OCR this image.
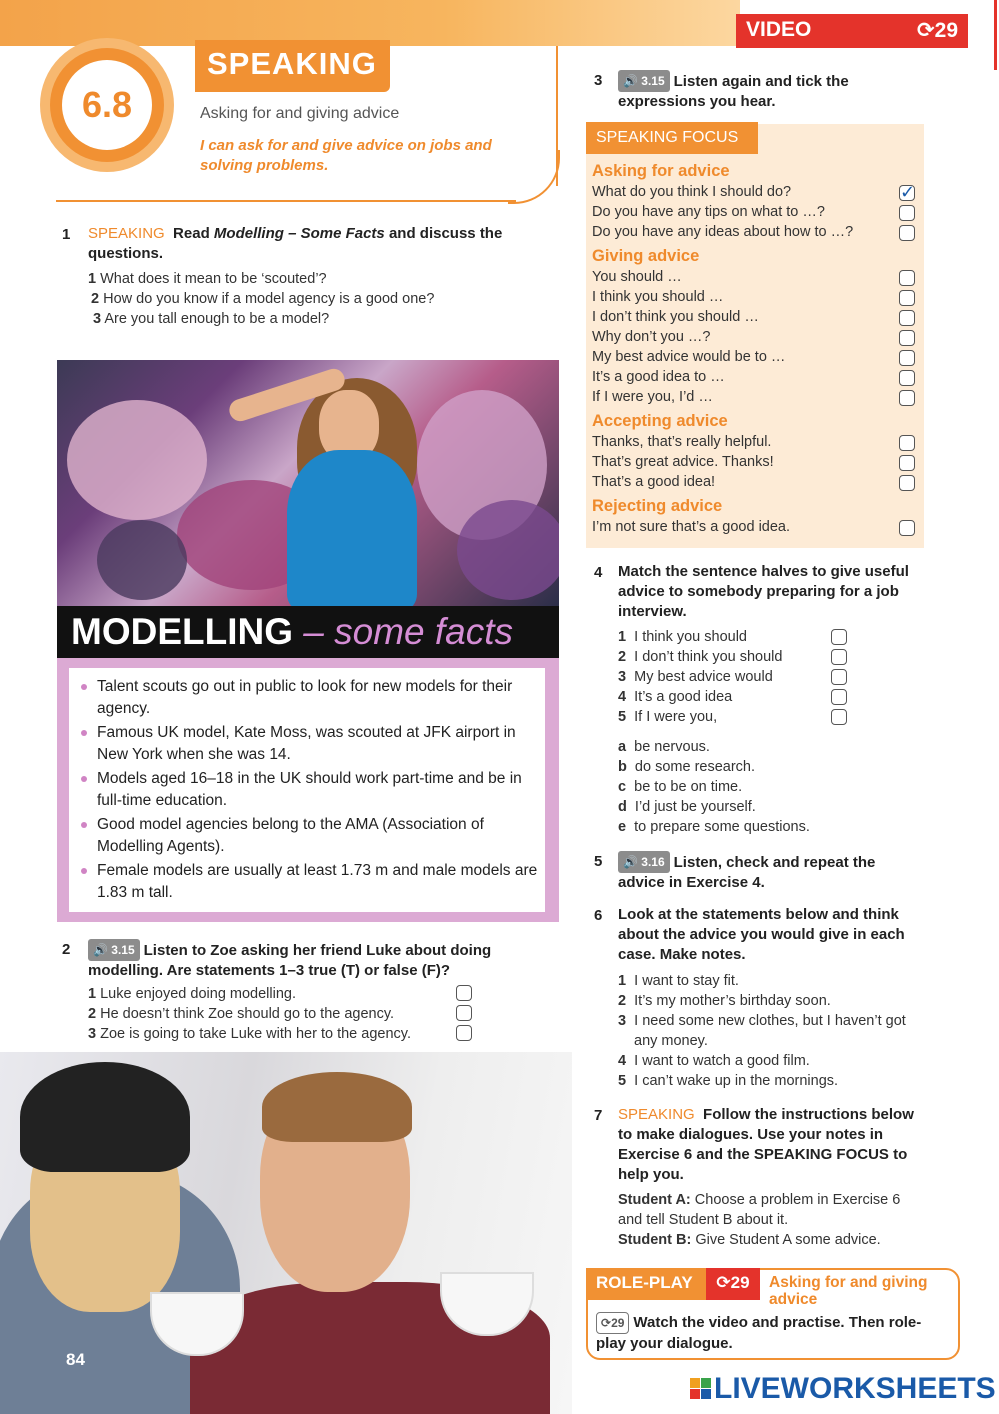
VIDEO	⟳29
6.8
SPEAKING
Asking for and giving advice
I can ask for and give advice on jobs and solving problems.
1 SPEAKING Read Modelling – Some Facts and discuss the questions.
1 What does it mean to be ‘scouted’?
2 How do you know if a model agency is a good one?
3 Are you tall enough to be a model?
MODELLING – some facts
Talent scouts go out in public to look for new models for their agency.
Famous UK model, Kate Moss, was scouted at JFK airport in New York when she was 14.
Models aged 16–18 in the UK should work part-time and be in full-time education.
Good model agencies belong to the AMA (Association of Modelling Agents).
Female models are usually at least 1.73 m and male models are 1.83 m tall.
2	🔊 3.15 Listen to Zoe asking her friend Luke about doing modelling. Are statements 1–3 true (T) or false (F)?
1 Luke enjoyed doing modelling.
2 He doesn’t think Zoe should go to the agency.
3 Zoe is going to take Luke with her to the agency.
84
3	🔊 3.15 Listen again and tick the expressions you hear.
SPEAKING FOCUS
Asking for advice
What do you think I should do?
Do you have any tips on what to …?
Do you have any ideas about how to …?
Giving advice
You should …
I think you should …
I don’t think you should …
Why don’t you …?
My best advice would be to …
It’s a good idea to …
If I were you, I’d …
Accepting advice
Thanks, that’s really helpful.
That’s great advice. Thanks!
That’s a good idea!
Rejecting advice
I’m not sure that’s a good idea.
✓
4 Match the sentence halves to give useful advice to somebody preparing for a job interview.
1 I think you should
2 I don’t think you should
3 My best advice would
4 It’s a good idea
5 If I were you,
a be nervous.
b do some research.
c be to be on time.
d I’d just be yourself.
e to prepare some questions.
5	🔊 3.16 Listen, check and repeat the advice in Exercise 4.
6 Look at the statements below and think about the advice you would give in each case. Make notes.
1 I want to stay fit.
2 It’s my mother’s birthday soon.
3 I need some new clothes, but I haven’t got any money.
4 I want to watch a good film.
5 I can’t wake up in the mornings.
7 SPEAKING Follow the instructions below to make dialogues. Use your notes in Exercise 6 and the SPEAKING FOCUS to help you.
Student A: Choose a problem in Exercise 6 and tell Student B about it.
Student B: Give Student A some advice.
ROLE-PLAY	⟳29	Asking for and giving advice
⟳29 Watch the video and practise. Then role-play your dialogue.
LIVEWORKSHEETS
